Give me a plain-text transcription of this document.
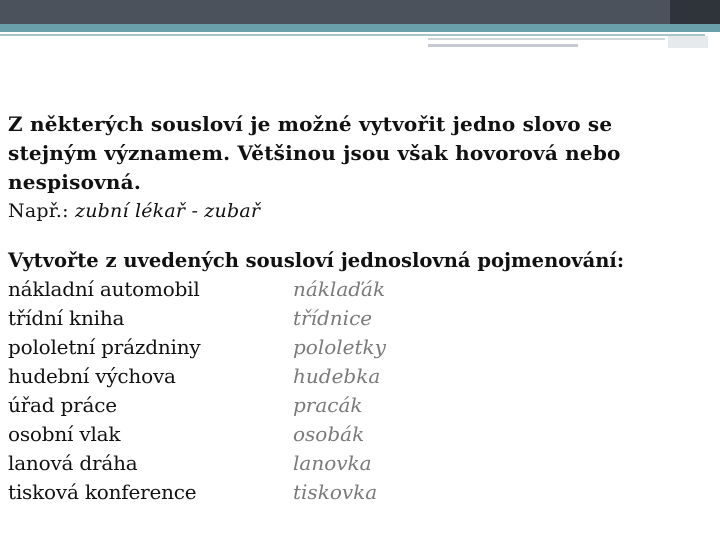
Z některých sousloví je možné vytvořit jedno slovo se
stejným významem. Většinou jsou však hovorová nebo
nespisovná.
Např.: zubní lékař - zubař
Vytvořte z uvedených sousloví jednoslovná pojmenování:
nákladní automobil	náklaďák
třídní kniha	třídnice
pololetní prázdniny	pololetky
hudební výchova	hudebka
úřad práce	pracák
osobní vlak	osobák
lanová dráha	lanovka
tisková konference	tiskovka
